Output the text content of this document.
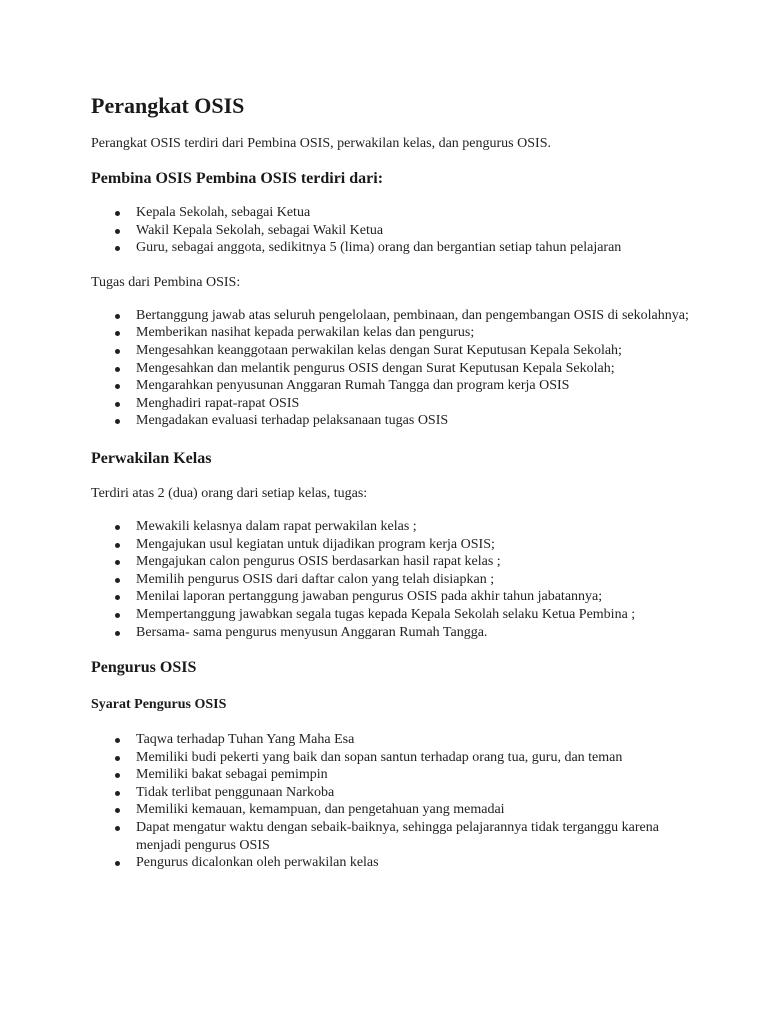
Perangkat OSIS

Perangkat OSIS terdiri dari Pembina OSIS, perwakilan kelas, dan pengurus OSIS.

Pembina OSIS Pembina OSIS terdiri dari:
Kepala Sekolah, sebagai Ketua
Wakil Kepala Sekolah, sebagai Wakil Ketua
Guru, sebagai anggota, sedikitnya 5 (lima) orang dan bergantian setiap tahun pelajaran

Tugas dari Pembina OSIS:

Bertanggung jawab atas seluruh pengelolaan, pembinaan, dan pengembangan OSIS di sekolahnya;
Memberikan nasihat kepada perwakilan kelas dan pengurus;
Mengesahkan keanggotaan perwakilan kelas dengan Surat Keputusan Kepala Sekolah;
Mengesahkan dan melantik pengurus OSIS dengan Surat Keputusan Kepala Sekolah;
Mengarahkan penyusunan Anggaran Rumah Tangga dan program kerja OSIS
Menghadiri rapat-rapat OSIS
Mengadakan evaluasi terhadap pelaksanaan tugas OSIS
Perwakilan Kelas

Terdiri atas 2 (dua) orang dari setiap kelas, tugas:

Mewakili kelasnya dalam rapat perwakilan kelas ;
Mengajukan usul kegiatan untuk dijadikan program kerja OSIS;
Mengajukan calon pengurus OSIS berdasarkan hasil rapat kelas ;
Memilih pengurus OSIS dari daftar calon yang telah disiapkan ;
Menilai laporan pertanggung jawaban pengurus OSIS pada akhir tahun jabatannya;
Mempertanggung jawabkan segala tugas kepada Kepala Sekolah selaku Ketua Pembina ;
Bersama- sama pengurus menyusun Anggaran Rumah Tangga.
Pengurus OSIS
Syarat Pengurus OSIS
Taqwa terhadap Tuhan Yang Maha Esa
Memiliki budi pekerti yang baik dan sopan santun terhadap orang tua, guru, dan teman
Memiliki bakat sebagai pemimpin
Tidak terlibat penggunaan Narkoba
Memiliki kemauan, kemampuan, dan pengetahuan yang memadai
Dapat mengatur waktu dengan sebaik-baiknya, sehingga pelajarannya tidak terganggu karena menjadi pengurus OSIS
Pengurus dicalonkan oleh perwakilan kelas
